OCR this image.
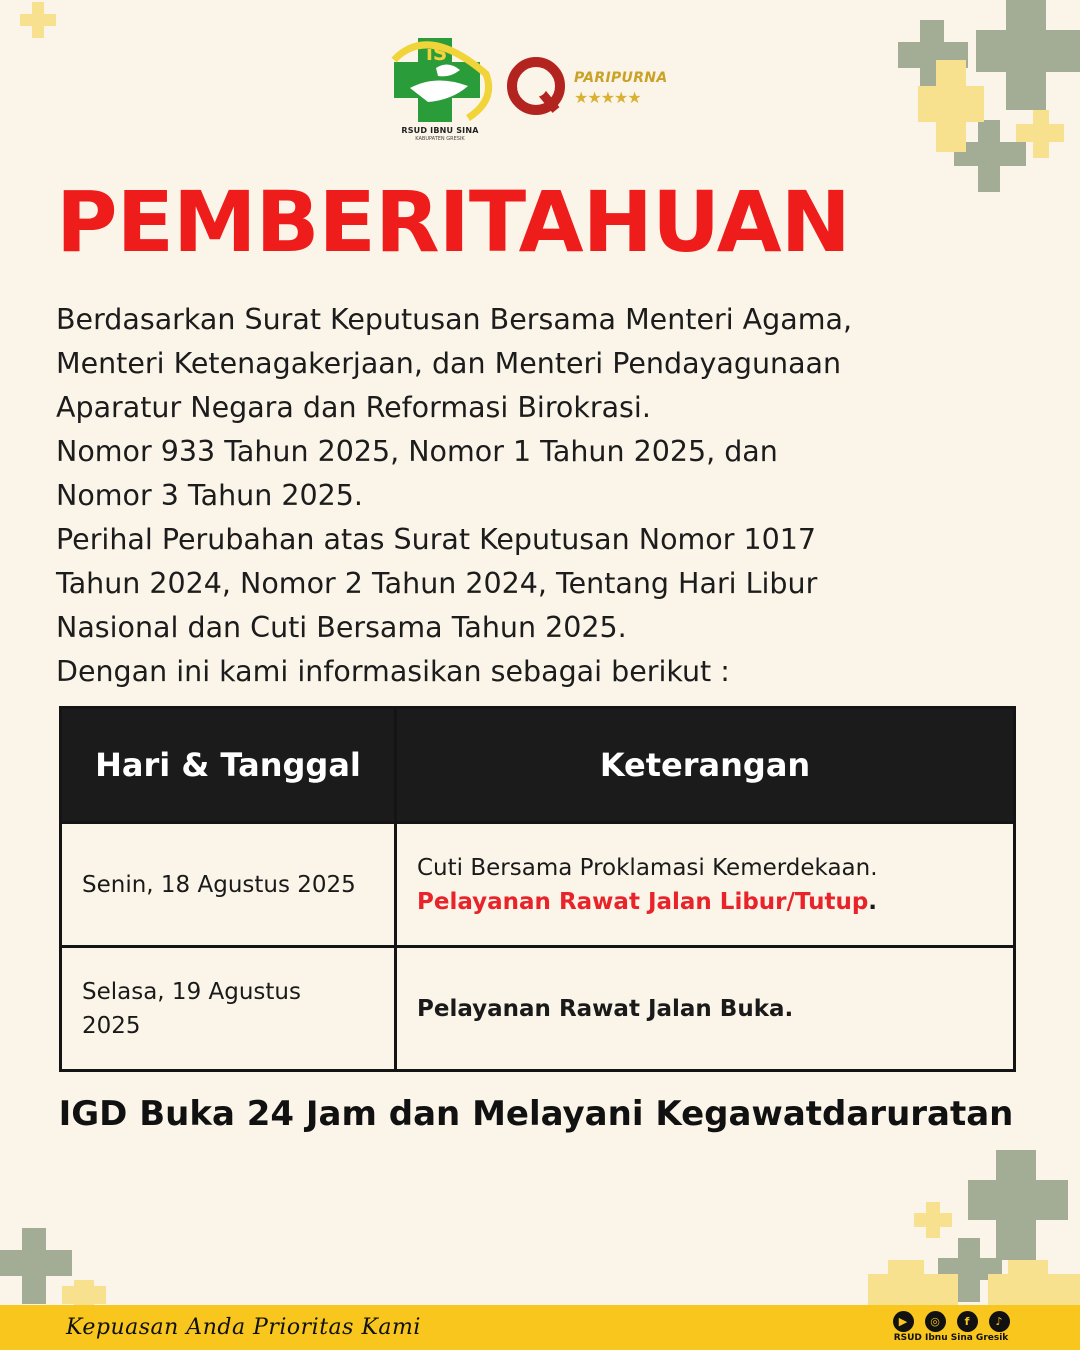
iS
RSUD IBNU SINA
KABUPATEN GRESIK
PARIPURNA
★★★★★
PEMBERITAHUAN

Berdasarkan Surat Keputusan Bersama Menteri Agama, Menteri Ketenagakerjaan, dan Menteri Pendayagunaan Aparatur Negara dan Reformasi Birokrasi.

Nomor 933 Tahun 2025, Nomor 1 Tahun 2025, dan Nomor 3 Tahun 2025.

Perihal Perubahan atas Surat Keputusan Nomor 1017 Tahun 2024, Nomor 2 Tahun 2024, Tentang Hari Libur Nasional dan Cuti Bersama Tahun 2025.

Dengan ini kami informasikan sebagai berikut :

Hari & Tanggal	Keterangan
Senin, 18 Agustus 2025	Cuti Bersama Proklamasi Kemerdekaan.
Pelayanan Rawat Jalan Libur/Tutup.

Selasa, 19 Agustus 2025	Pelayanan Rawat Jalan Buka.

IGD Buka 24 Jam dan Melayani Kegawatdaruratan

Kepuasan Anda Prioritas Kami	▶	◎	f	♪
RSUD Ibnu Sina Gresik
